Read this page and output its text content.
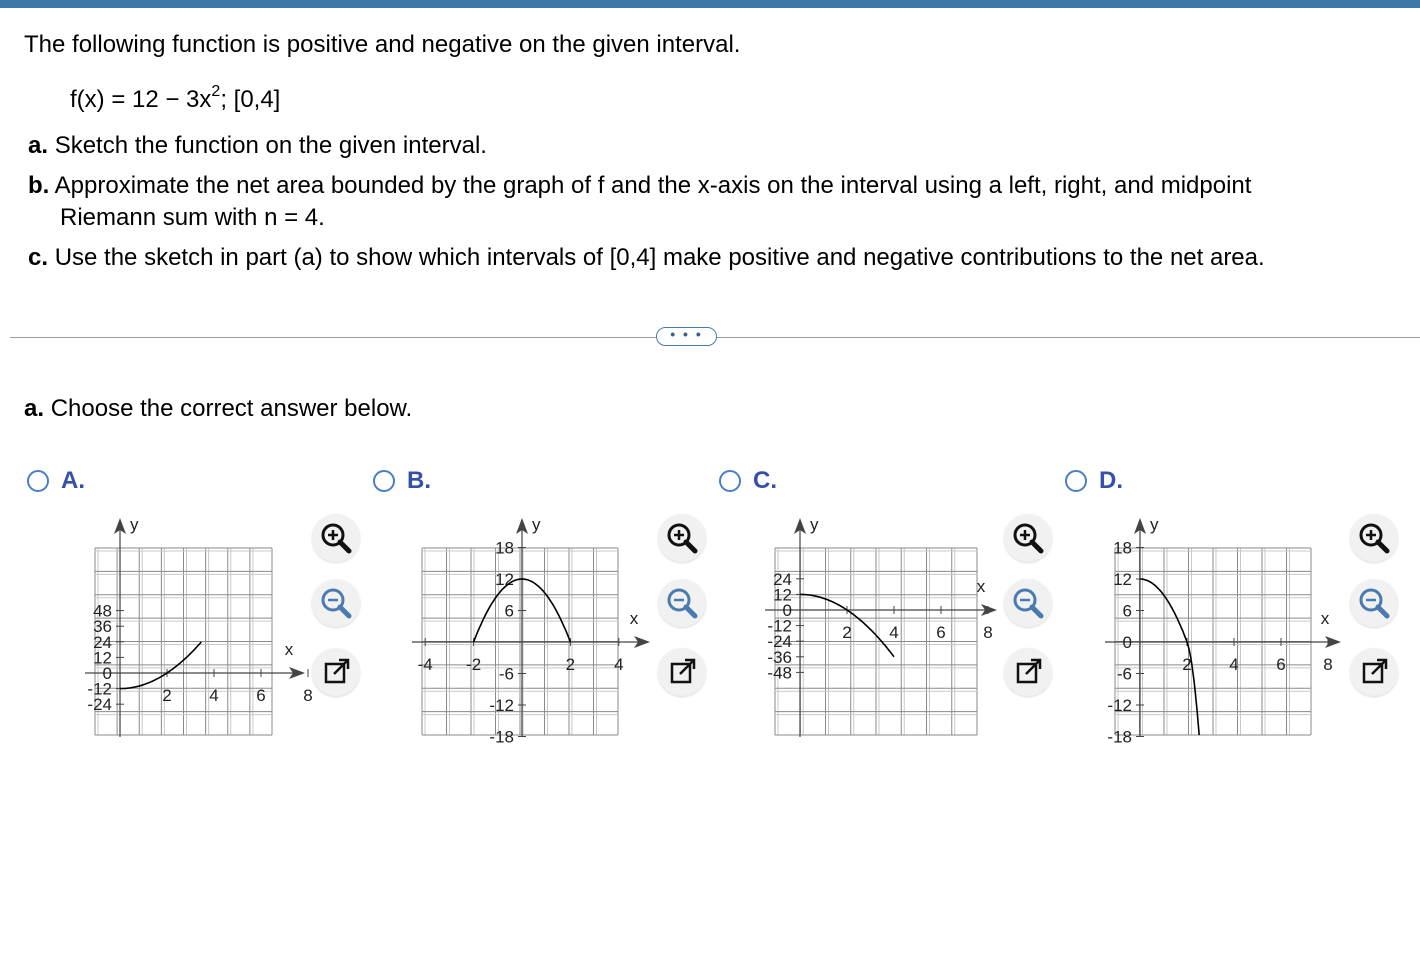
The following function is positive and negative on the given interval.
$f(x) = 12 - 3x^2$; [0,4]
a. Sketch the function on the given interval.
b. Approximate the net area bounded by the graph of f and the x-axis on the interval using a left, right, and midpoint
Riemann sum with n = 4.
c. Use the sketch in part (a) to show which intervals of [0,4] make positive and negative contributions to the net area.
• • •
a. Choose the correct answer below.
A.	B.	C.	D.
y
x
2 4 6 8
48
36
24
12
0
-12
-24
y
x
-4 -2	2 4
18
12
6
-6
-12
-18
y
x
2 4 6 8
24
12
0
-12
-24
-36
-48
y
x
2 4 6 8
18
12
6
0
-6
-12
-18
